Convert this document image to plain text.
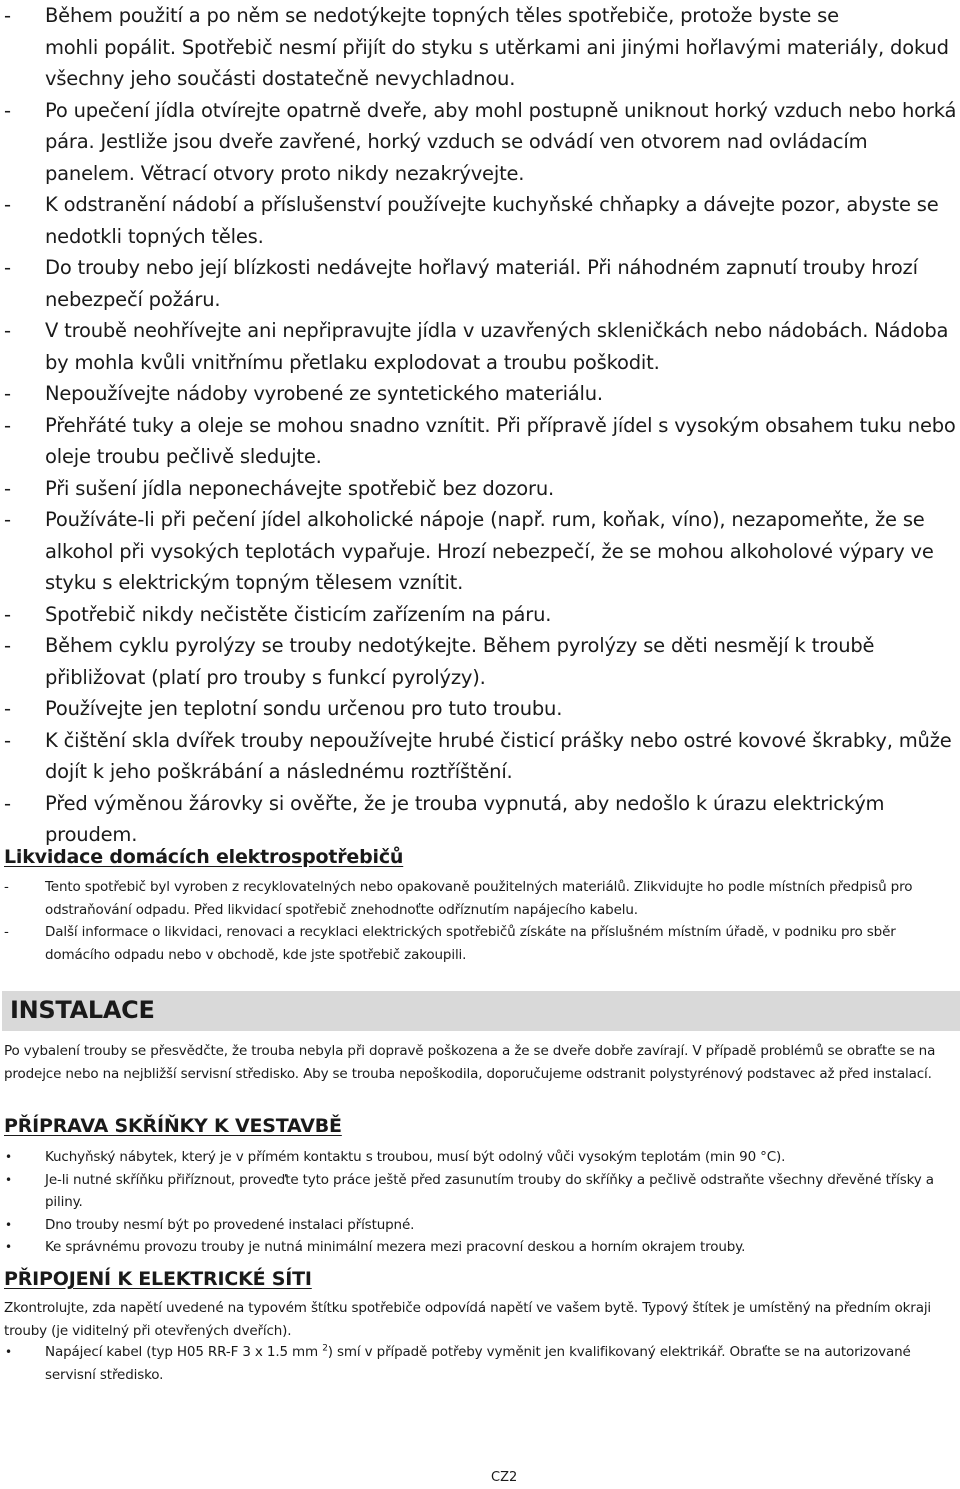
- Během použití a po něm se nedotýkejte topných těles spotřebiče, protože byste se
mohli popálit. Spotřebič nesmí přijít do styku s utěrkami ani jinými hořlavými materiály, dokud všechny jeho součásti dostatečně nevychladnou.
- Po upečení jídla otvírejte opatrně dveře, aby mohl postupně uniknout horký vzduch nebo horká pára. Jestliže jsou dveře zavřené, horký vzduch se odvádí ven otvorem nad ovládacím panelem. Větrací otvory proto nikdy nezakrývejte.
- K odstranění nádobí a příslušenství používejte kuchyňské chňapky a dávejte pozor, abyste se nedotkli topných těles.
- Do trouby nebo její blízkosti nedávejte hořlavý materiál. Při náhodném zapnutí trouby hrozí nebezpečí požáru.
- V troubě neohřívejte ani nepřipravujte jídla v uzavřených skleničkách nebo nádobách. Nádoba by mohla kvůli vnitřnímu přetlaku explodovat a troubu poškodit.
- Nepoužívejte nádoby vyrobené ze syntetického materiálu.
- Přehřáté tuky a oleje se mohou snadno vznítit. Při přípravě jídel s vysokým obsahem tuku nebo oleje troubu pečlivě sledujte.
- Při sušení jídla neponechávejte spotřebič bez dozoru.
- Používáte-li při pečení jídel alkoholické nápoje (např. rum, koňak, víno), nezapomeňte, že se alkohol při vysokých teplotách vypařuje. Hrozí nebezpečí, že se mohou alkoholové výpary ve styku s elektrickým topným tělesem vznítit.
- Spotřebič nikdy nečistěte čisticím zařízením na páru.
- Během cyklu pyrolýzy se trouby nedotýkejte. Během pyrolýzy se děti nesmějí k troubě přibližovat (platí pro trouby s funkcí pyrolýzy).
- Používejte jen teplotní sondu určenou pro tuto troubu.
- K čištění skla dvířek trouby nepoužívejte hrubé čisticí prášky nebo ostré kovové škrabky, může dojít k jeho poškrábání a následnému roztříštění.
- Před výměnou žárovky si ověřte, že je trouba vypnutá, aby nedošlo k úrazu elektrickým proudem.
Likvidace domácích elektrospotřebičů
-	Tento spotřebič byl vyroben z recyklovatelných nebo opakovaně použitelných materiálů. Zlikvidujte ho podle místních předpisů pro odstraňování odpadu. Před likvidací spotřebič znehodnoťte odříznutím napájecího kabelu.
-	Další informace o likvidaci, renovaci a recyklaci elektrických spotřebičů získáte na příslušném místním úřadě, v podniku pro sběr domácího odpadu nebo v obchodě, kde jste spotřebič zakoupili.
INSTALACE
Po vybalení trouby se přesvědčte, že trouba nebyla při dopravě poškozena a že se dveře dobře zavírají. V případě problémů se obraťte se na prodejce nebo na nejbližší servisní středisko. Aby se trouba nepoškodila, doporučujeme odstranit polystyrénový podstavec až před instalací.
PŘÍPRAVA SKŘÍŇKY K VESTAVBĚ
• Kuchyňský nábytek, který je v přímém kontaktu s troubou, musí být odolný vůči vysokým teplotám (min 90 °C).
• Je-li nutné skříňku přiříznout, proveďte tyto práce ještě před zasunutím trouby do skříňky a pečlivě odstraňte všechny dřevěné třísky a piliny.
• Dno trouby nesmí být po provedené instalaci přístupné.
• Ke správnému provozu trouby je nutná minimální mezera mezi pracovní deskou a horním okrajem trouby.
PŘIPOJENÍ K ELEKTRICKÉ SÍTI
Zkontrolujte, zda napětí uvedené na typovém štítku spotřebiče odpovídá napětí ve vašem bytě. Typový štítek je umístěný na předním okraji trouby (je viditelný při otevřených dveřích).
• Napájecí kabel (typ H05 RR-F 3 x 1.5 mm $^2$) smí v případě potřeby vyměnit jen kvalifikovaný elektrikář. Obraťte se na autorizované servisní středisko.
CZ2
